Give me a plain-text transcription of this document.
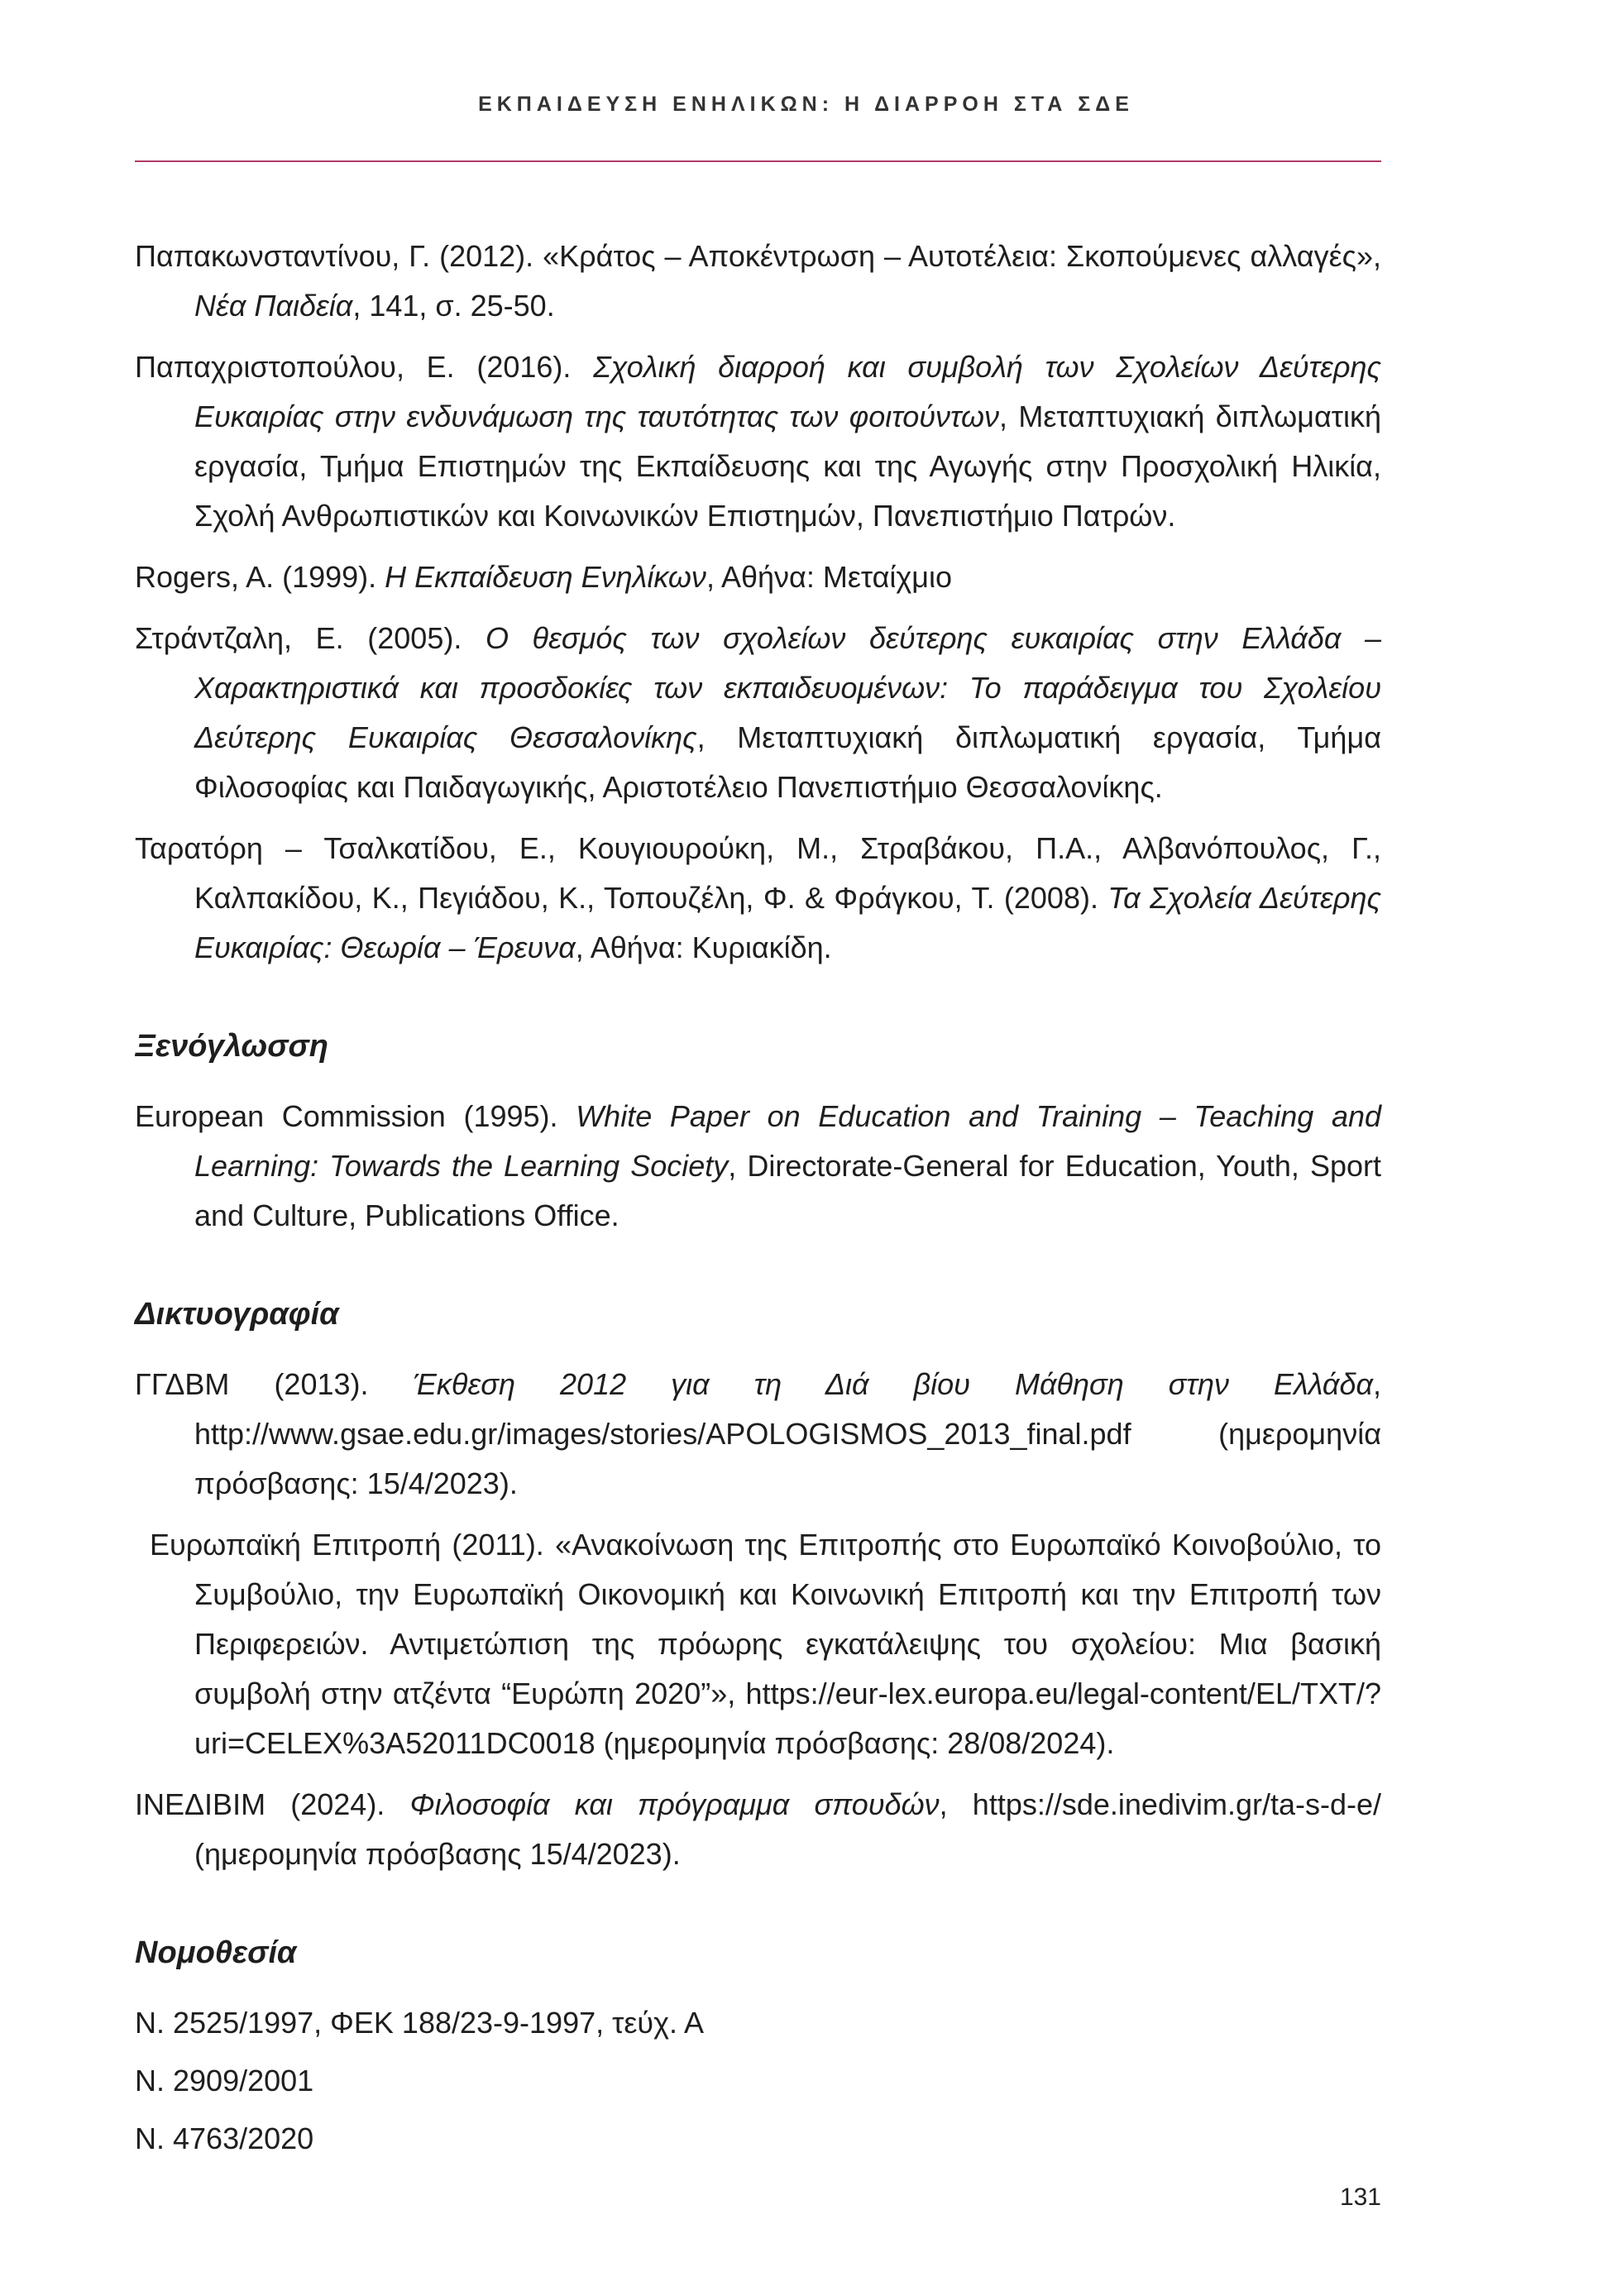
ΕΚΠΑΙΔΕΥΣΗ ΕΝΗΛΙΚΩΝ: Η ΔΙΑΡΡΟΗ ΣΤΑ ΣΔΕ

Παπακωνσταντίνου, Γ. (2012). «Κράτος – Αποκέντρωση – Αυτοτέλεια: Σκοπούμενες αλλαγές», Νέα Παιδεία, 141, σ. 25-50.

Παπαχριστοπούλου, Ε. (2016). Σχολική διαρροή και συμβολή των Σχολείων Δεύτερης Ευκαιρίας στην ενδυνάμωση της ταυτότητας των φοιτούντων, Μεταπτυχιακή διπλωματική εργασία, Τμήμα Επιστημών της Εκπαίδευσης και της Αγωγής στην Προσχολική Ηλικία, Σχολή Ανθρωπιστικών και Κοινωνικών Επιστημών, Πανεπιστήμιο Πατρών.

Rogers, A. (1999). Η Εκπαίδευση Ενηλίκων, Αθήνα: Μεταίχμιο

Στράντζαλη, Ε. (2005). Ο θεσμός των σχολείων δεύτερης ευκαιρίας στην Ελλάδα – Χαρακτηριστικά και προσδοκίες των εκπαιδευομένων: Το παράδειγμα του Σχολείου Δεύτερης Ευκαιρίας Θεσσαλονίκης, Μεταπτυχιακή διπλωματική εργασία, Τμήμα Φιλοσοφίας και Παιδαγωγικής, Αριστοτέλειο Πανεπιστήμιο Θεσσαλονίκης.

Ταρατόρη – Τσαλκατίδου, Ε., Κουγιουρούκη, Μ., Στραβάκου, Π.Α., Αλβανόπουλος, Γ., Καλπακίδου, Κ., Πεγιάδου, Κ., Τοπουζέλη, Φ. & Φράγκου, Τ. (2008). Τα Σχολεία Δεύτερης Ευκαιρίας: Θεωρία – Έρευνα, Αθήνα: Κυριακίδη.

Ξενόγλωσση

European Commission (1995). White Paper on Education and Training – Teaching and Learning: Towards the Learning Society, Directorate-General for Education, Youth, Sport and Culture, Publications Office.

Δικτυογραφία

ΓΓΔΒΜ (2013). Έκθεση 2012 για τη Διά βίου Μάθηση στην Ελλάδα, http://www.gsae.edu.gr/images/stories/APOLOGISMOS_2013_final.pdf (ημερομηνία πρόσβασης: 15/4/2023).

Ευρωπαϊκή Επιτροπή (2011). «Ανακοίνωση της Επιτροπής στο Ευρωπαϊκό Κοινοβούλιο, το Συμβούλιο, την Ευρωπαϊκή Οικονομική και Κοινωνική Επιτροπή και την Επιτροπή των Περιφερειών. Αντιμετώπιση της πρόωρης εγκατάλειψης του σχολείου: Μια βασική συμβολή στην ατζέντα “Ευρώπη 2020”», https://eur-lex.europa.eu/legal-content/EL/TXT/?uri=CELEX%3A52011DC0018 (ημερομηνία πρόσβασης: 28/08/2024).

ΙΝΕΔΙΒΙΜ (2024). Φιλοσοφία και πρόγραμμα σπουδών, https://sde.inedivim.gr/ta-s-d-e/ (ημερομηνία πρόσβασης 15/4/2023).

Νομοθεσία

Ν. 2525/1997, ΦΕΚ 188/23-9-1997, τεύχ. Α

Ν. 2909/2001

Ν. 4763/2020

131
